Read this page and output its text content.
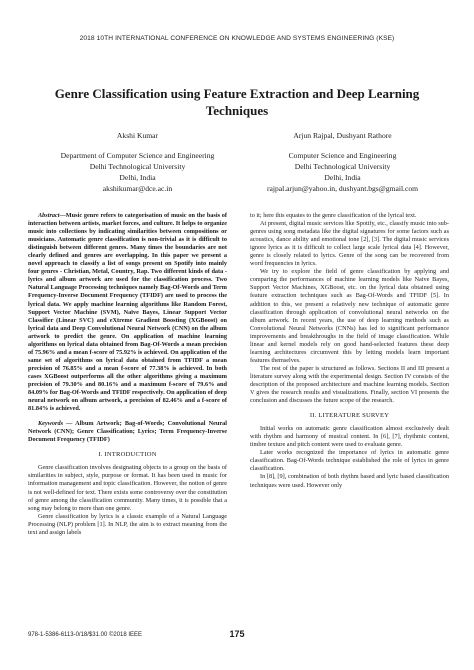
2018 10TH INTERNATIONAL CONFERENCE ON KNOWLEDGE AND SYSTEMS ENGINEERING (KSE)
Genre Classification using Feature Extraction and Deep Learning
Techniques
Akshi Kumar
Department of Computer Science and Engineering
Delhi Technological University
Delhi, India
akshikumar@dce.ac.in
Arjun Rajpal, Dushyant Rathore
Computer Science and Engineering
Delhi Technological University
Delhi, India
rajpal.arjun@yahoo.in, dushyant.bgs@gmail.com

Abstract—Music genre refers to categorisation of music on the basis of interaction between artists, market forces, and culture. It helps to organize music into collections by indicating similarities between compositions or musicians. Automatic genre classification is non-trivial as it is difficult to distinguish between different genres. Many times the boundaries are not clearly defined and genres are overlapping. In this paper we present a novel approach to classify a list of songs present on Spotify into mainly four genres - Christian, Metal, Country, Rap. Two different kinds of data - lyrics and album artwork are used for the classification process. Two Natural Language Processing techniques namely Bag-Of-Words and Term Frequency-Inverse Document Frequency (TFIDF) are used to process the lyrical data. We apply machine learning algorithms like Random Forest, Support Vector Machine (SVM), Naïve Bayes, Linear Support Vector Classifier (Linear SVC) and eXtreme Gradient Boosting (XGBoost) on lyrical data and Deep Convolutional Neural Network (CNN) on the album artwork to predict the genre. On application of machine learning algorithms on lyrical data obtained from Bag-Of-Words a mean precision of 75.96% and a mean f-score of 75.92% is achieved. On application of the same set of algorithms on lyrical data obtained from TFIDF a mean precision of 76.85% and a mean f-score of 77.38% is achieved. In both cases XGBoost outperforms all the other algorithms giving a maximum precision of 79.30% and 80.16% and a maximum f-score of 79.6% and 84.09% for Bag-Of-Words and TFIDF respectively. On application of deep neural network on album artwork, a precision of 82.46% and a f-score of 81.84% is achieved.

Keywords — Album Artwork; Bag-of-Words; Convolutional Neural Network (CNN); Genre Classification; Lyrics; Term Frequency-Inverse Document Frequency (TFIDF)

I. INTRODUCTION

Genre classification involves designating objects to a group on the basis of similarities in subject, style, purpose or format. It has been used in music for information management and topic classification. However, the notion of genre is not well-defined for text. There exists some controversy over the constitution of genre among the classification community. Many times, it is possible that a song may belong to more than one genre.

Genre classification by lyrics is a classic example of a Natural Language Processing (NLP) problem [1]. In NLP, the aim is to extract meaning from the text and assign labels

to it; here this equates to the genre classification of the lyrical text.

At present, digital music services like Spotify, etc., classify music into sub-genres using song metadata like the digital signatures for some factors such as acoustics, dance ability and emotional tone [2], [3]. The digital music services ignore lyrics as it is difficult to collect large scale lyrical data [4]. However, genre is closely related to lyrics. Genre of the song can be recovered from word frequencies in lyrics.

We try to explore the field of genre classification by applying and comparing the performances of machine learning models like Naive Bayes, Support Vector Machines, XGBoost, etc. on the lyrical data obtained using feature extraction techniques such as Bag-Of-Words and TFIDF [5]. In addition to this, we present a relatively new technique of automatic genre classification through application of convolutional neural networks on the album artwork. In recent years, the use of deep learning methods such as Convolutional Neural Networks (CNNs) has led to significant performance improvements and breakthroughs in the field of image classification. While linear and kernel models rely on good hand-selected features these deep learning architectures circumvent this by letting models learn important features themselves.

The rest of the paper is structured as follows. Sections II and III present a literature survey along with the experimental design. Section IV consists of the description of the proposed architecture and machine learning models. Section V gives the research results and visualizations. Finally, section VI presents the conclusion and discusses the future scope of the research.

II. LITERATURE SURVEY

Initial works on automatic genre classification almost exclusively dealt with rhythm and harmony of musical content. In [6], [7], rhythmic content, timbre texture and pitch content were used to evaluate genre.

Later works recognized the importance of lyrics in automatic genre classification. Bag-Of-Words technique established the role of lyrics in genre classification.

In [8], [9], combination of both rhythm based and lyric based classification techniques were used. However only

978-1-5386-6113-0/18/$31.00 ©2018 IEEE	175
